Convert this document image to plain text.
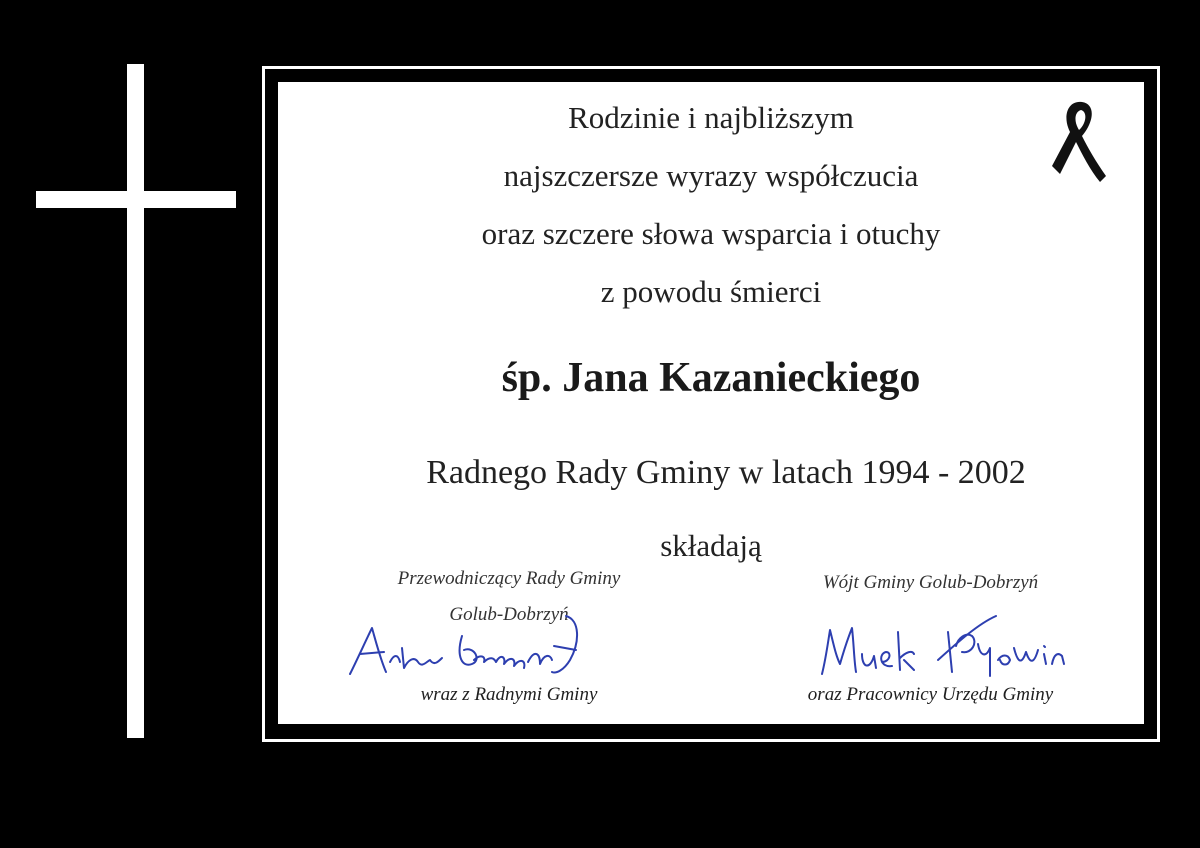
Rodzinie i najbliższym
najszczersze wyrazy współczucia
oraz szczere słowa wsparcia i otuchy
z powodu śmierci
śp. Jana Kazanieckiego
Radnego Rady Gminy w latach 1994 - 2002
składają
Przewodniczący Rady Gminy
Golub-Dobrzyń
wraz z Radnymi Gminy
Wójt Gminy Golub-Dobrzyń
oraz Pracownicy Urzędu Gminy
